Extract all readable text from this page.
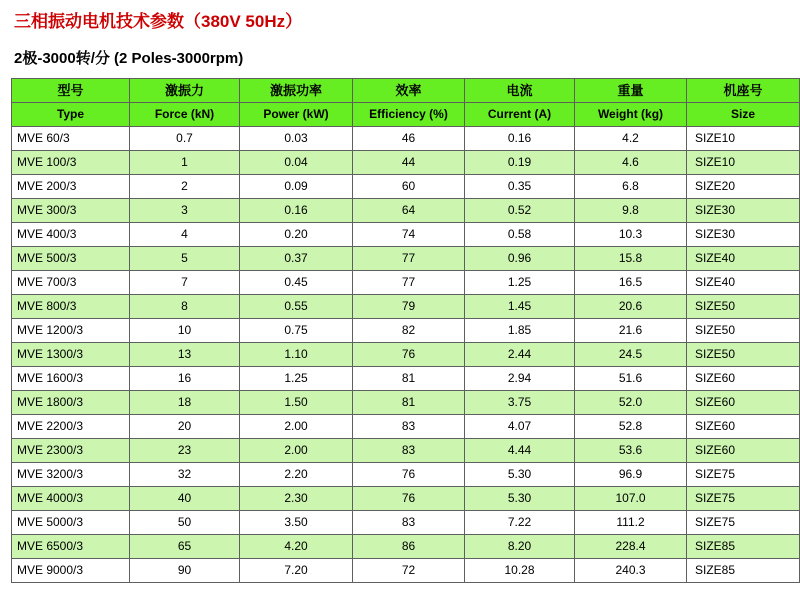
三相振动电机技术参数（380V 50Hz）
2极-3000转/分 (2 Poles-3000rpm)
型号	激振力	激振功率	效率	电流	重量	机座号
Type	Force (kN)	Power (kW)	Efficiency (%)	Current (A)	Weight (kg)	Size
MVE 60/3	0.7	0.03	46	0.16	4.2	SIZE10
MVE 100/3	1	0.04	44	0.19	4.6	SIZE10
MVE 200/3	2	0.09	60	0.35	6.8	SIZE20
MVE 300/3	3	0.16	64	0.52	9.8	SIZE30
MVE 400/3	4	0.20	74	0.58	10.3	SIZE30
MVE 500/3	5	0.37	77	0.96	15.8	SIZE40
MVE 700/3	7	0.45	77	1.25	16.5	SIZE40
MVE 800/3	8	0.55	79	1.45	20.6	SIZE50
MVE 1200/3	10	0.75	82	1.85	21.6	SIZE50
MVE 1300/3	13	1.10	76	2.44	24.5	SIZE50
MVE 1600/3	16	1.25	81	2.94	51.6	SIZE60
MVE 1800/3	18	1.50	81	3.75	52.0	SIZE60
MVE 2200/3	20	2.00	83	4.07	52.8	SIZE60
MVE 2300/3	23	2.00	83	4.44	53.6	SIZE60
MVE 3200/3	32	2.20	76	5.30	96.9	SIZE75
MVE 4000/3	40	2.30	76	5.30	107.0	SIZE75
MVE 5000/3	50	3.50	83	7.22	111.2	SIZE75
MVE 6500/3	65	4.20	86	8.20	228.4	SIZE85
MVE 9000/3	90	7.20	72	10.28	240.3	SIZE85
